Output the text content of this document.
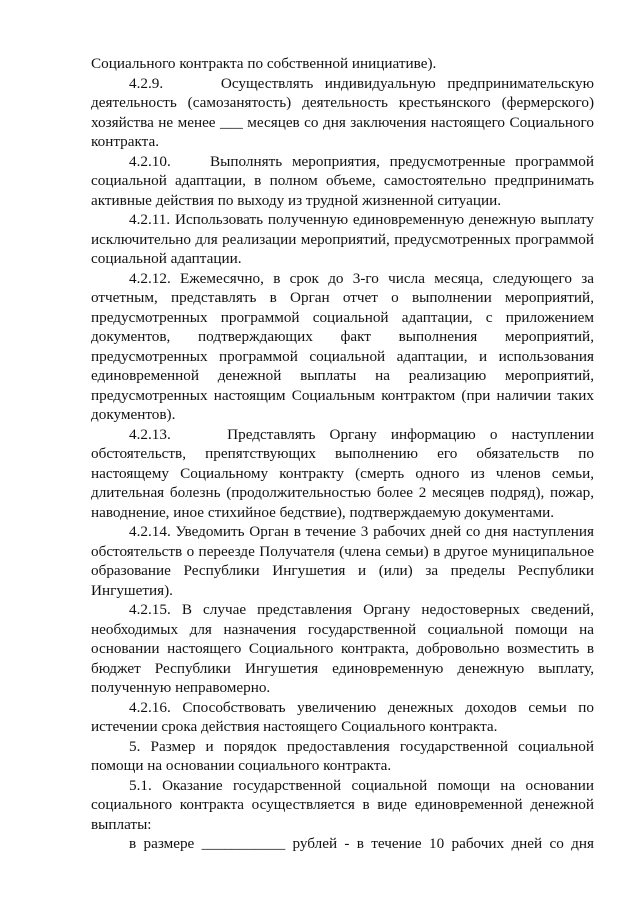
Социального контракта по собственной инициативе).

4.2.9.     Осуществлять индивидуальную предпринимательскую деятельность (самозанятость) деятельность крестьянского (фермерского) хозяйства не менее ___ месяцев со дня заключения настоящего Социального контракта.

4.2.10.    Выполнять мероприятия, предусмотренные программой социальной адаптации, в полном объеме, самостоятельно предпринимать активные действия по выходу из трудной жизненной ситуации.

4.2.11. Использовать полученную единовременную денежную выплату исключительно для реализации мероприятий, предусмотренных программой социальной адаптации.

4.2.12. Ежемесячно, в срок до 3-го числа месяца, следующего за отчетным, представлять в Орган отчет о выполнении мероприятий, предусмотренных программой социальной адаптации, с приложением документов, подтверждающих факт выполнения мероприятий, предусмотренных программой социальной адаптации, и использования единовременной денежной выплаты на реализацию мероприятий, предусмотренных настоящим Социальным контрактом (при наличии таких документов).

4.2.13.    Представлять Органу информацию о наступлении обстоятельств, препятствующих выполнению его обязательств по настоящему Социальному контракту (смерть одного из членов семьи, длительная болезнь (продолжительностью более 2 месяцев подряд), пожар, наводнение, иное стихийное бедствие), подтверждаемую документами.

4.2.14. Уведомить Орган в течение 3 рабочих дней со дня наступления обстоятельств о переезде Получателя (члена семьи) в другое муниципальное образование Республики Ингушетия и (или) за пределы Республики Ингушетия).

4.2.15. В случае представления Органу недостоверных сведений, необходимых для назначения государственной социальной помощи на основании настоящего Социального контракта, добровольно возместить в бюджет Республики Ингушетия единовременную денежную выплату, полученную неправомерно.

4.2.16. Способствовать увеличению денежных доходов семьи по истечении срока действия настоящего Социального контракта.

5. Размер и порядок предоставления государственной социальной помощи на основании социального контракта.

5.1. Оказание государственной социальной помощи на основании социального контракта осуществляется в виде единовременной денежной выплаты:

в размере ___________ рублей - в течение 10 рабочих дней со дня
